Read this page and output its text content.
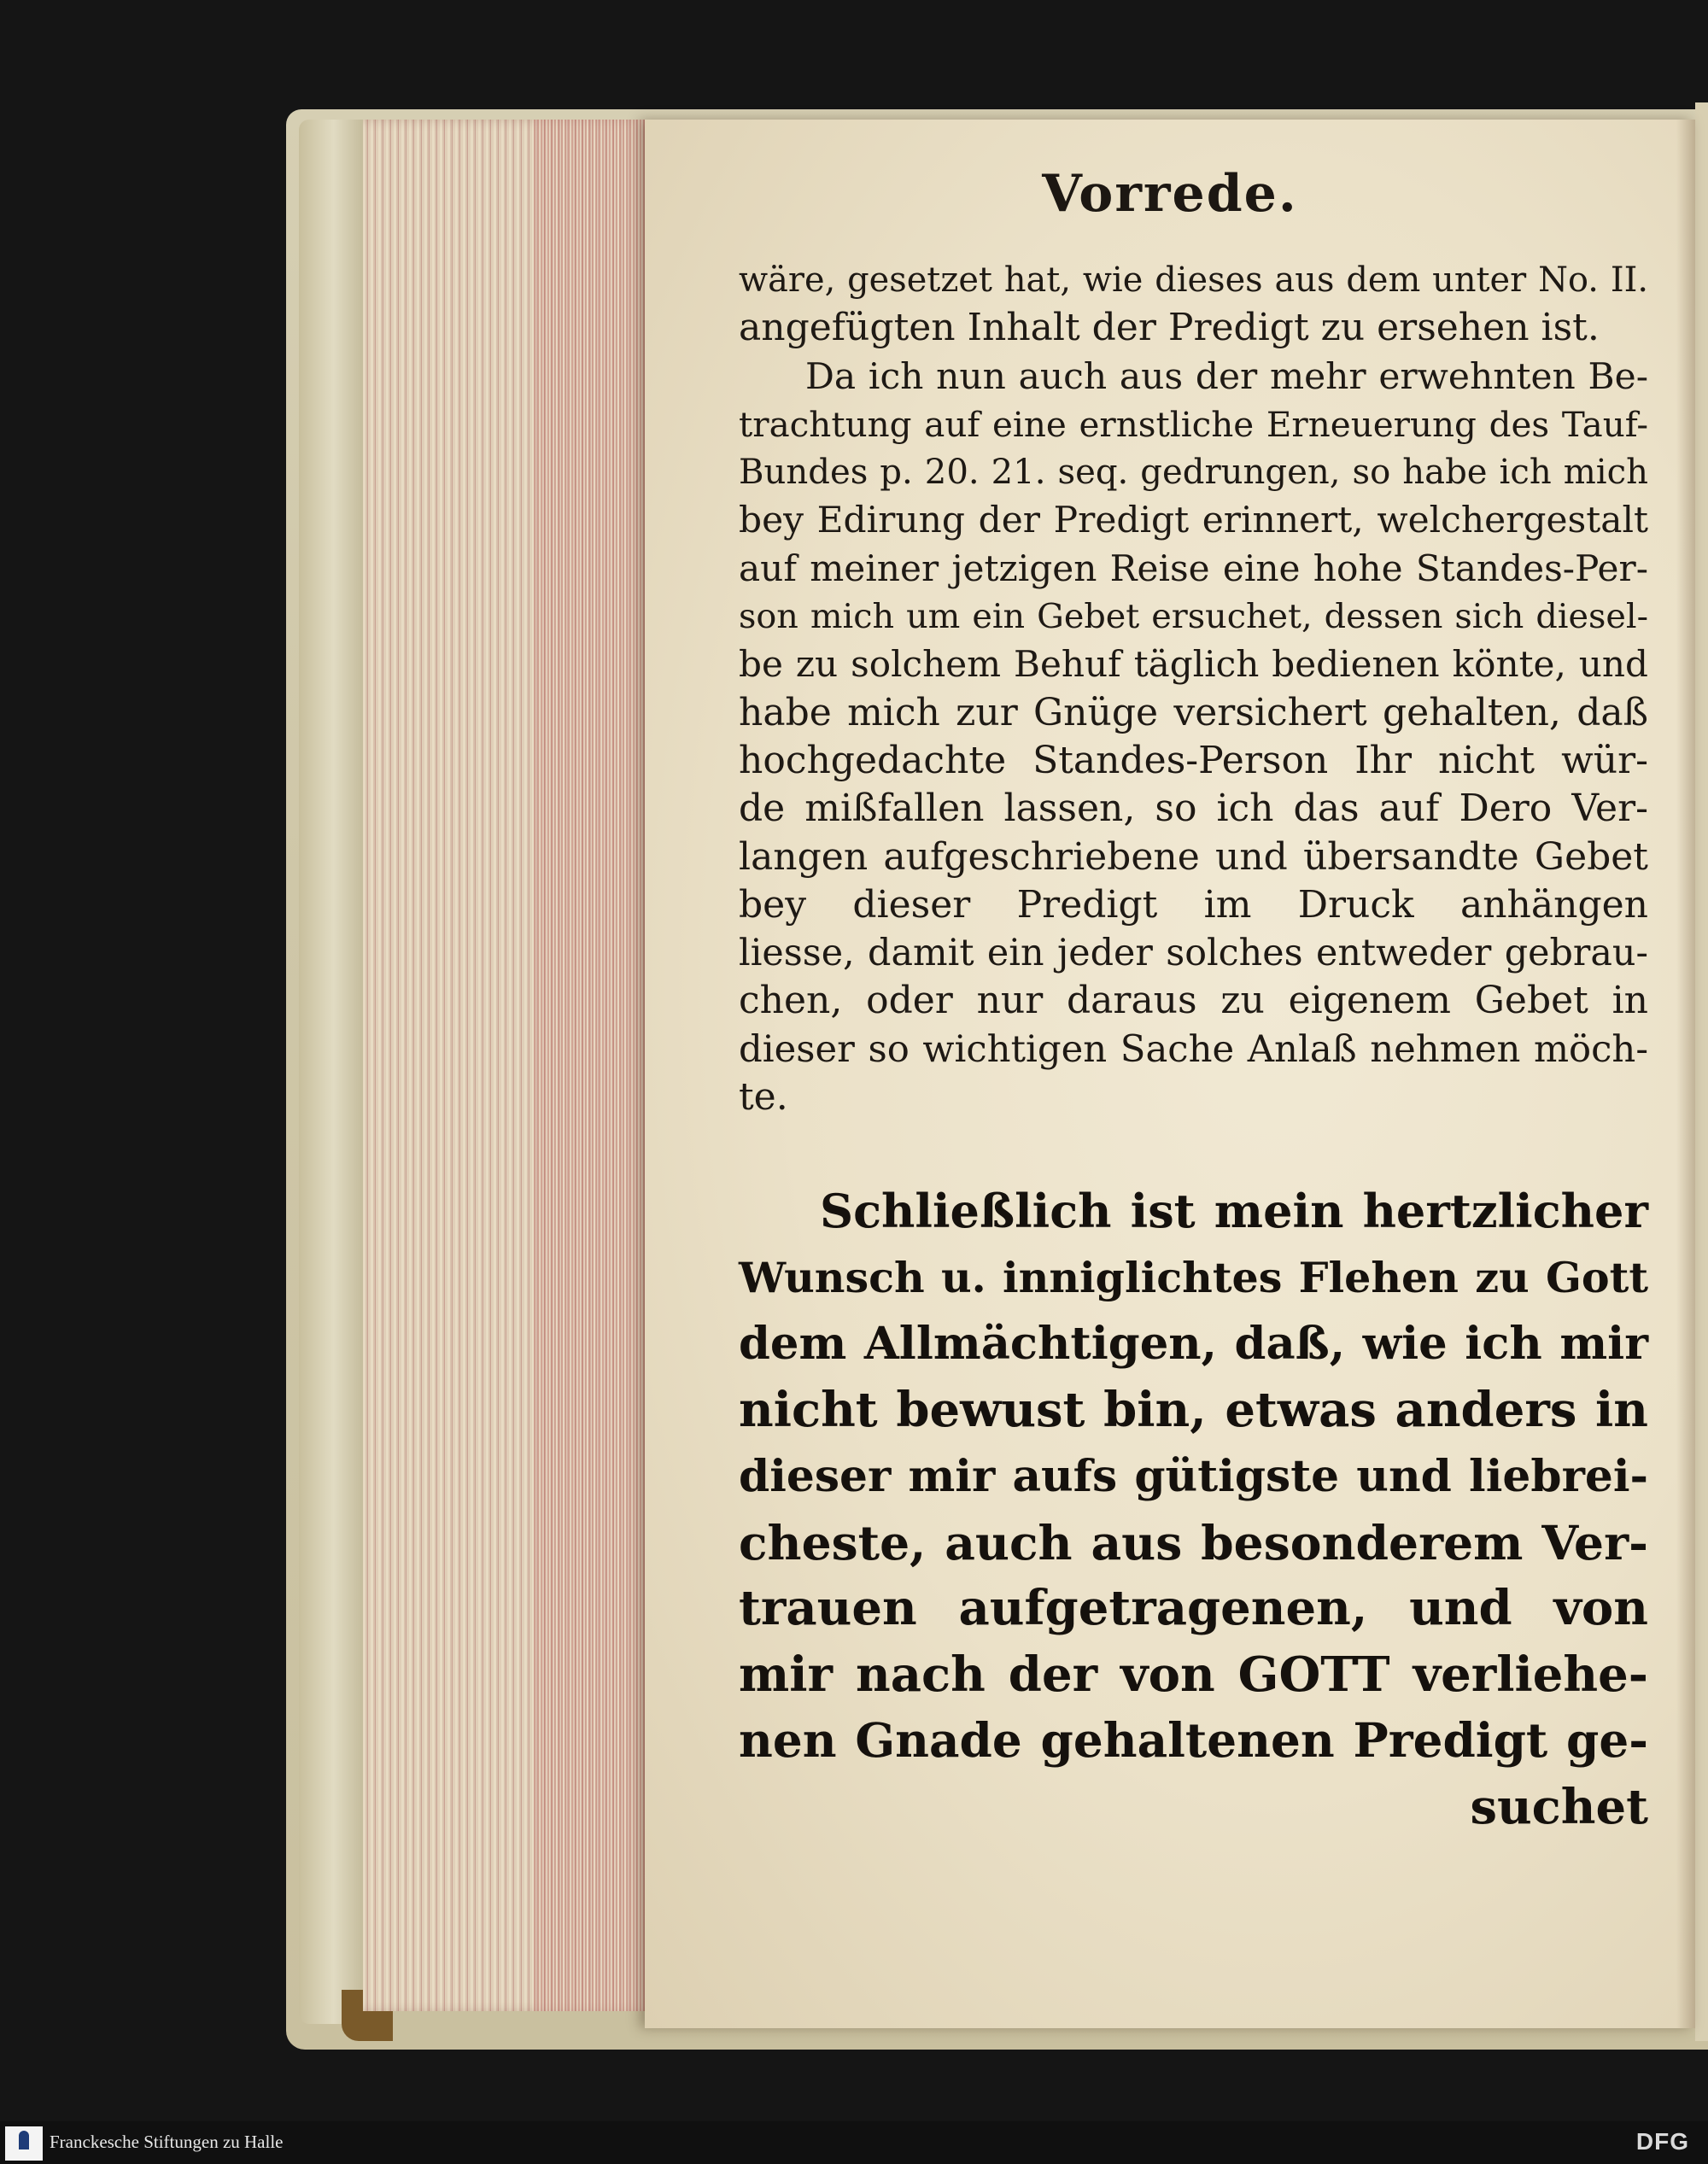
Vorrede.
wäre, gesetzet hat, wie dieses aus dem unter No. II.
angefügten Inhalt der Predigt zu ersehen ist.
Da ich nun auch aus der mehr erwehnten Be-
trachtung auf eine ernstliche Erneuerung des Tauf-
Bundes p. 20. 21. seq. gedrungen, so habe ich mich
bey Edirung der Predigt erinnert, welchergestalt
auf meiner jetzigen Reise eine hohe Standes-Per-
son mich um ein Gebet ersuchet, dessen sich diesel-
be zu solchem Behuf täglich bedienen könte, und
habe mich zur Gnüge versichert gehalten, daß
hochgedachte Standes-Person Ihr nicht wür-
de mißfallen lassen, so ich das auf Dero Ver-
langen aufgeschriebene und übersandte Gebet
bey dieser Predigt im Druck anhängen
liesse, damit ein jeder solches entweder gebrau-
chen, oder nur daraus zu eigenem Gebet in
dieser so wichtigen Sache Anlaß nehmen möch-
te.
Schließlich ist mein hertzlicher
Wunsch u. inniglichtes Flehen zu Gott
dem Allmächtigen, daß, wie ich mir
nicht bewust bin, etwas anders in
dieser mir aufs gütigste und liebrei-
cheste, auch aus besonderem Ver-
trauen aufgetragenen, und von
mir nach der von GOTT verliehe-
nen Gnade gehaltenen Predigt ge-
suchet
Franckesche Stiftungen zu Halle	DFG
